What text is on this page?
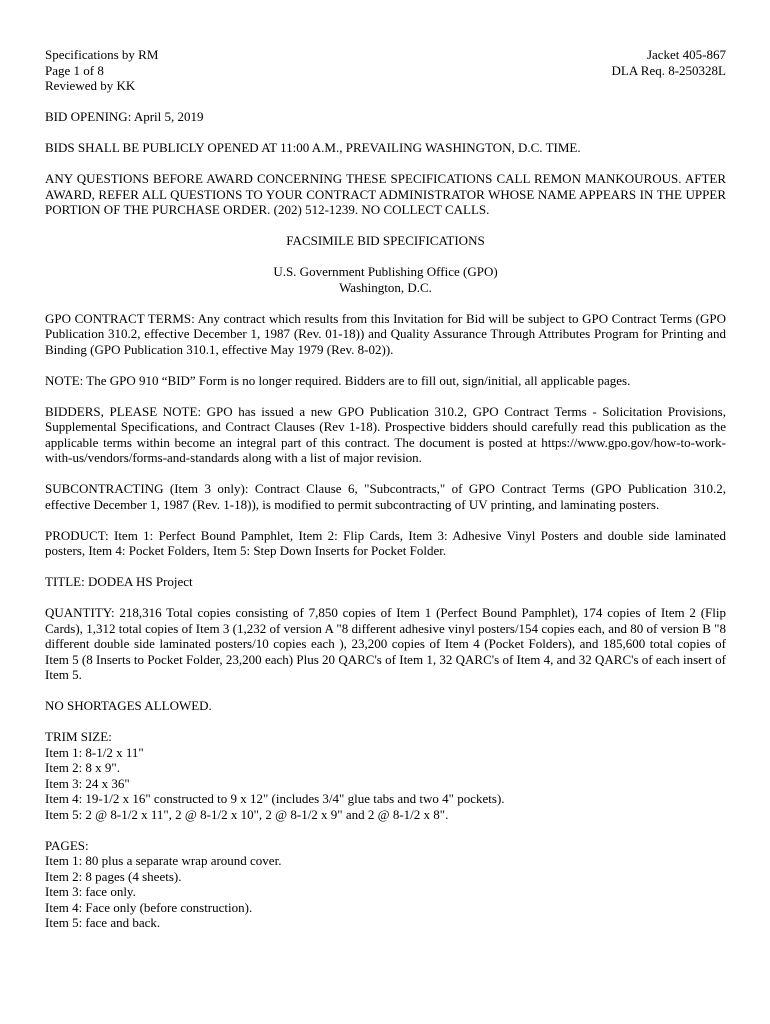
Specifications by RM
Page 1 of 8
Reviewed by KK
Jacket 405-867
DLA Req. 8-250328L

BID OPENING: April 5, 2019

BIDS SHALL BE PUBLICLY OPENED AT 11:00 A.M., PREVAILING WASHINGTON, D.C. TIME.

ANY QUESTIONS BEFORE AWARD CONCERNING THESE SPECIFICATIONS CALL REMON MANKOUROUS. AFTER AWARD, REFER ALL QUESTIONS TO YOUR CONTRACT ADMINISTRATOR WHOSE NAME APPEARS IN THE UPPER PORTION OF THE PURCHASE ORDER. (202) 512-1239. NO COLLECT CALLS.

FACSIMILE BID SPECIFICATIONS

U.S. Government Publishing Office (GPO)

Washington, D.C.

GPO CONTRACT TERMS: Any contract which results from this Invitation for Bid will be subject to GPO Contract Terms (GPO Publication 310.2, effective December 1, 1987 (Rev. 01-18)) and Quality Assurance Through Attributes Program for Printing and Binding (GPO Publication 310.1, effective May 1979 (Rev. 8-02)).

NOTE: The GPO 910 “BID” Form is no longer required. Bidders are to fill out, sign/initial, all applicable pages.

BIDDERS, PLEASE NOTE: GPO has issued a new GPO Publication 310.2, GPO Contract Terms - Solicitation Provisions, Supplemental Specifications, and Contract Clauses (Rev 1-18). Prospective bidders should carefully read this publication as the applicable terms within become an integral part of this contract. The document is posted at https://www.gpo.gov/how-to-work-with-us/vendors/forms-and-standards along with a list of major revision.

SUBCONTRACTING (Item 3 only): Contract Clause 6, "Subcontracts," of GPO Contract Terms (GPO Publication 310.2, effective December 1, 1987 (Rev. 1-18)), is modified to permit subcontracting of UV printing, and laminating posters.

PRODUCT: Item 1: Perfect Bound Pamphlet, Item 2: Flip Cards, Item 3: Adhesive Vinyl Posters and double side laminated posters, Item 4: Pocket Folders, Item 5: Step Down Inserts for Pocket Folder.

TITLE: DODEA HS Project

QUANTITY: 218,316 Total copies consisting of 7,850 copies of Item 1 (Perfect Bound Pamphlet), 174 copies of Item 2 (Flip Cards), 1,312 total copies of Item 3 (1,232 of version A "8 different adhesive vinyl posters/154 copies each, and 80 of version B "8 different double side laminated posters/10 copies each ), 23,200 copies of Item 4 (Pocket Folders), and 185,600 total copies of Item 5 (8 Inserts to Pocket Folder, 23,200 each) Plus 20 QARC's of Item 1, 32 QARC's of Item 4, and 32 QARC's of each insert of Item 5.

NO SHORTAGES ALLOWED.

TRIM SIZE:
Item 1: 8-1/2 x 11"
Item 2: 8 x 9".
Item 3: 24 x 36"
Item 4: 19-1/2 x 16" constructed to 9 x 12" (includes 3/4" glue tabs and two 4" pockets).
Item 5: 2 @ 8-1/2 x 11", 2 @ 8-1/2 x 10", 2 @ 8-1/2 x 9" and 2 @ 8-1/2 x 8".
PAGES:
Item 1: 80 plus a separate wrap around cover.
Item 2: 8 pages (4 sheets).
Item 3: face only.
Item 4: Face only (before construction).
Item 5: face and back.
